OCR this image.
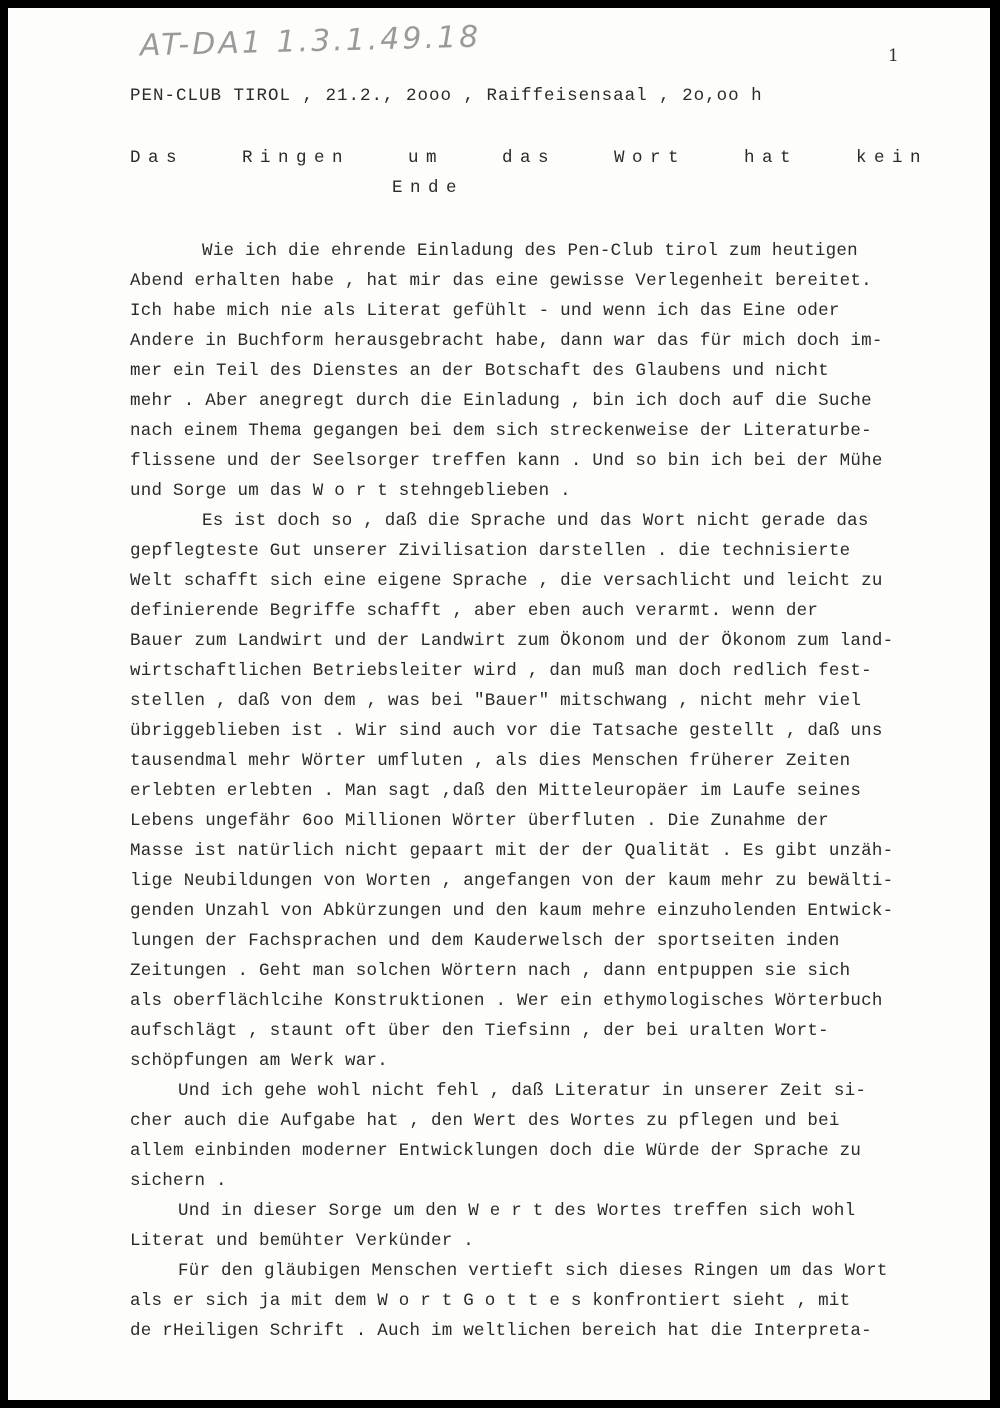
AT-DA1 1.3.1.49.18	1
PEN-CLUB TIROL , 21.2., 2ooo , Raiffeisensaal , 2o,oo h
Das Ringen um das Wort hat kein
Ende
Wie ich die ehrende Einladung des Pen-Club tirol zum heutigen
Abend erhalten habe , hat mir das eine gewisse Verlegenheit bereitet.
Ich habe mich nie als Literat gefühlt - und wenn ich das Eine oder
Andere in Buchform herausgebracht habe, dann war das für mich doch im-
mer ein Teil des Dienstes an der Botschaft des Glaubens und nicht
mehr . Aber anegregt durch die Einladung , bin ich doch auf die Suche
nach einem Thema gegangen bei dem sich streckenweise der Literaturbe-
flissene und der Seelsorger treffen kann . Und so bin ich bei der Mühe
und Sorge um das W o r t stehngeblieben .
Es ist doch so , daß die Sprache und das Wort nicht gerade das
gepflegteste Gut unserer Zivilisation darstellen . die technisierte
Welt schafft sich eine eigene Sprache , die versachlicht und leicht zu
definierende Begriffe schafft , aber eben auch verarmt. wenn der
Bauer zum Landwirt und der Landwirt zum Ökonom und der Ökonom zum land-
wirtschaftlichen Betriebsleiter wird , dan muß man doch redlich fest-
stellen , daß von dem , was bei "Bauer" mitschwang , nicht mehr viel
übriggeblieben ist . Wir sind auch vor die Tatsache gestellt , daß uns
tausendmal mehr Wörter umfluten , als dies Menschen früherer Zeiten
erlebten erlebten . Man sagt ,daß den Mitteleuropäer im Laufe seines
Lebens ungefähr 6oo Millionen Wörter überfluten . Die Zunahme der
Masse ist natürlich nicht gepaart mit der der Qualität . Es gibt unzäh-
lige Neubildungen von Worten , angefangen von der kaum mehr zu bewälti-
genden Unzahl von Abkürzungen und den kaum mehre einzuholenden Entwick-
lungen der Fachsprachen und dem Kauderwelsch der sportseiten inden
Zeitungen . Geht man solchen Wörtern nach , dann entpuppen sie sich
als oberflächlcihe Konstruktionen . Wer ein ethymologisches Wörterbuch
aufschlägt , staunt oft über den Tiefsinn , der bei uralten Wort-
schöpfungen am Werk war.
Und ich gehe wohl nicht fehl , daß Literatur in unserer Zeit si-
cher auch die Aufgabe hat , den Wert des Wortes zu pflegen und bei
allem einbinden moderner Entwicklungen doch die Würde der Sprache zu
sichern .
Und in dieser Sorge um den W e r t des Wortes treffen sich wohl
Literat und bemühter Verkünder .
Für den gläubigen Menschen vertieft sich dieses Ringen um das Wort
als er sich ja mit dem W o r t G o t t e s konfrontiert sieht , mit
de rHeiligen Schrift . Auch im weltlichen bereich hat die Interpreta-
